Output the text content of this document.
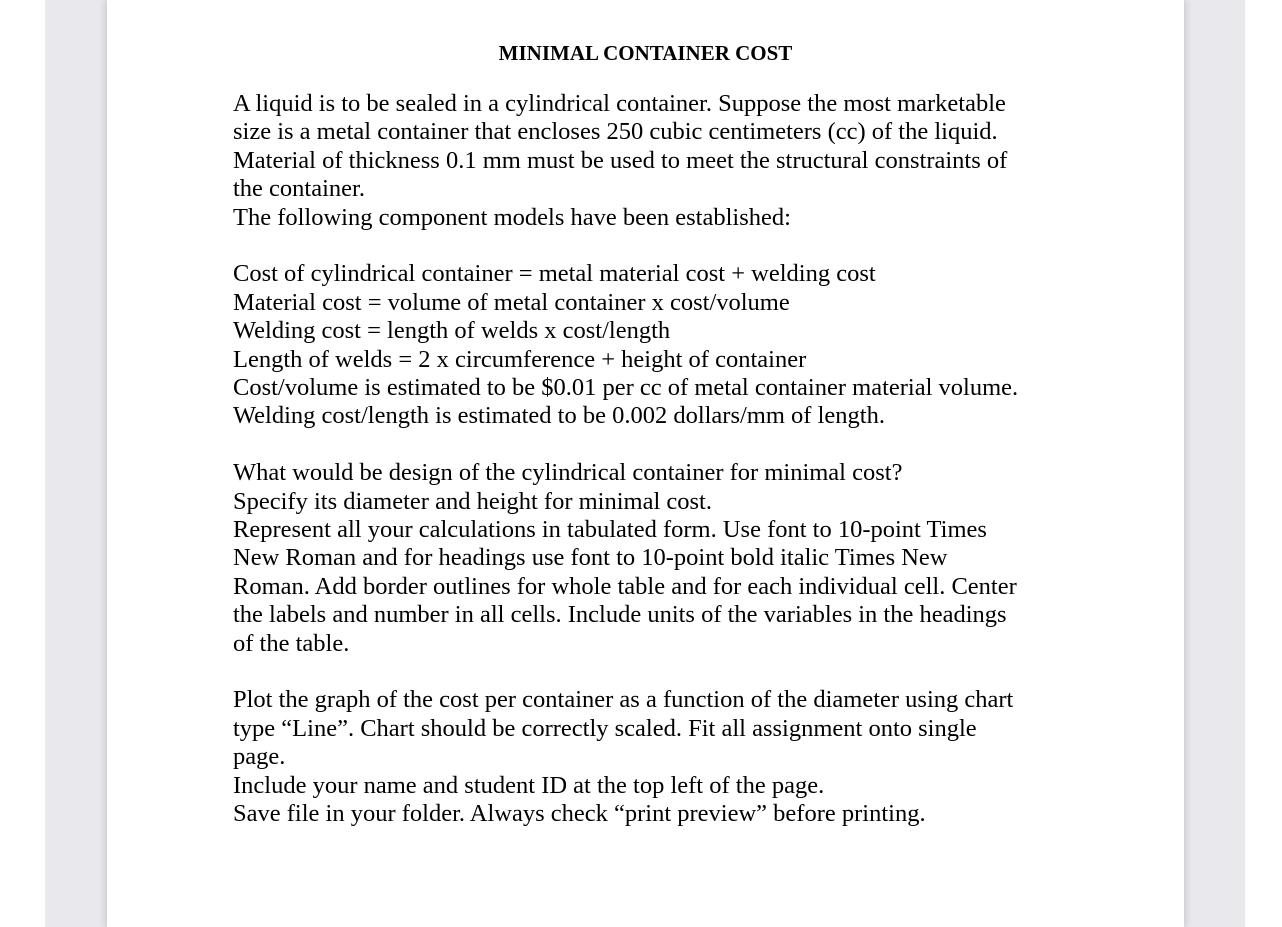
MINIMAL CONTAINER COST
A liquid is to be sealed in a cylindrical container. Suppose the most marketable
size is a metal container that encloses 250 cubic centimeters (cc) of the liquid.
Material of thickness 0.1 mm must be used to meet the structural constraints of
the container.
The following component models have been established:
Cost of cylindrical container = metal material cost + welding cost
Material cost = volume of metal container x cost/volume
Welding cost = length of welds x cost/length
Length of welds = 2 x circumference + height of container
Cost/volume is estimated to be $0.01 per cc of metal container material volume.
Welding cost/length is estimated to be 0.002 dollars/mm of length.
What would be design of the cylindrical container for minimal cost?
Specify its diameter and height for minimal cost.
Represent all your calculations in tabulated form. Use font to 10-point Times
New Roman and for headings use font to 10-point bold italic Times New
Roman. Add border outlines for whole table and for each individual cell. Center
the labels and number in all cells. Include units of the variables in the headings
of the table.
Plot the graph of the cost per container as a function of the diameter using chart
type “Line”. Chart should be correctly scaled. Fit all assignment onto single
page.
Include your name and student ID at the top left of the page.
Save file in your folder. Always check “print preview” before printing.
